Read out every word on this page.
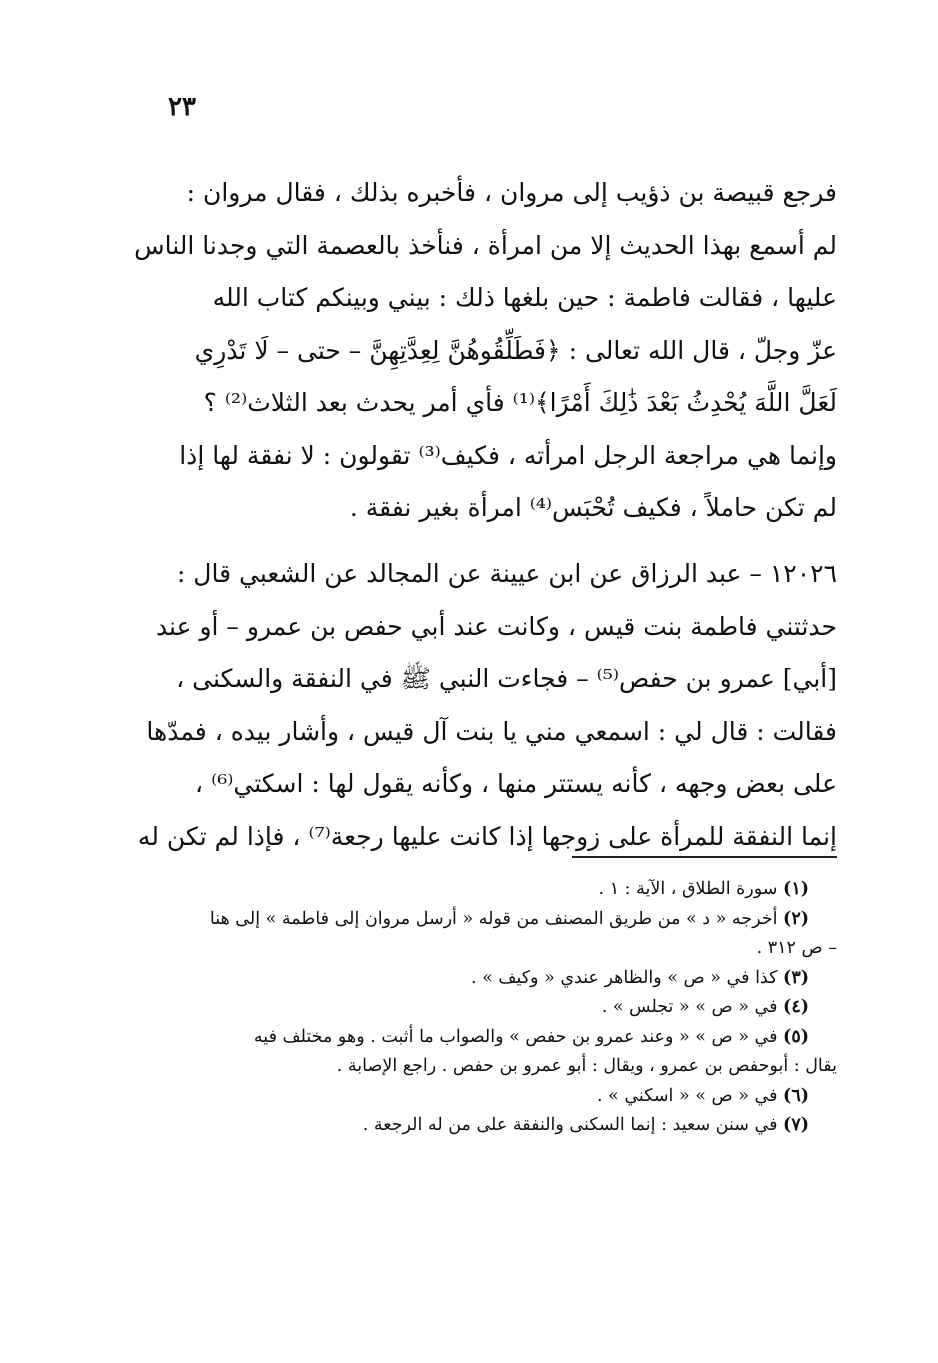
٢٣
فرجع قبيصة بن ذؤيب إلى مروان ، فأخبره بذلك ، فقال مروان :
لم أسمع بهذا الحديث إلا من امرأة ، فنأخذ بالعصمة التي وجدنا الناس
عليها ، فقالت فاطمة : حين بلغها ذلك : بيني وبينكم كتاب الله
عزّ وجلّ ، قال الله تعالى : ﴿فَطَلِّقُوهُنَّ لِعِدَّتِهِنَّ – حتى – لَا تَدْرِي
لَعَلَّ اللَّهَ يُحْدِثُ بَعْدَ ذَٰلِكَ أَمْرًا﴾⁽¹⁾ فأي أمر يحدث بعد الثلاث⁽²⁾ ؟
وإنما هي مراجعة الرجل امرأته ، فكيف⁽³⁾ تقولون : لا نفقة لها إذا
لم تكن حاملاً ، فكيف تُحْبَس⁽⁴⁾ امرأة بغير نفقة .
١٢٠٢٦ – عبد الرزاق عن ابن عيينة عن المجالد عن الشعبي قال :
حدثتني فاطمة بنت قيس ، وكانت عند أبي حفص بن عمرو – أو عند
[أبي] عمرو بن حفص⁽⁵⁾ – فجاءت النبي ﷺ في النفقة والسكنى ،
فقالت : قال لي : اسمعي مني يا بنت آل قيس ، وأشار بيده ، فمدّها
على بعض وجهه ، كأنه يستتر منها ، وكأنه يقول لها : اسكتي⁽⁶⁾ ،
إنما النفقة للمرأة على زوجها إذا كانت عليها رجعة⁽⁷⁾ ، فإذا لم تكن له
(١) سورة الطلاق ، الآية : ١ .
(٢) أخرجه « د » من طريق المصنف من قوله « أرسل مروان إلى فاطمة » إلى هنا
– ص ٣١٢ .
(٣) كذا في « ص » والظاهر عندي « وكيف » .
(٤) في « ص » « تجلس » .
(٥) في « ص » « وعند عمرو بن حفص » والصواب ما أثبت . وهو مختلف فيه
يقال : أبوحفص بن عمرو ، ويقال : أبو عمرو بن حفص . راجع الإصابة .
(٦) في « ص » « اسكني » .
(٧) في سنن سعيد : إنما السكنى والنفقة على من له الرجعة .
